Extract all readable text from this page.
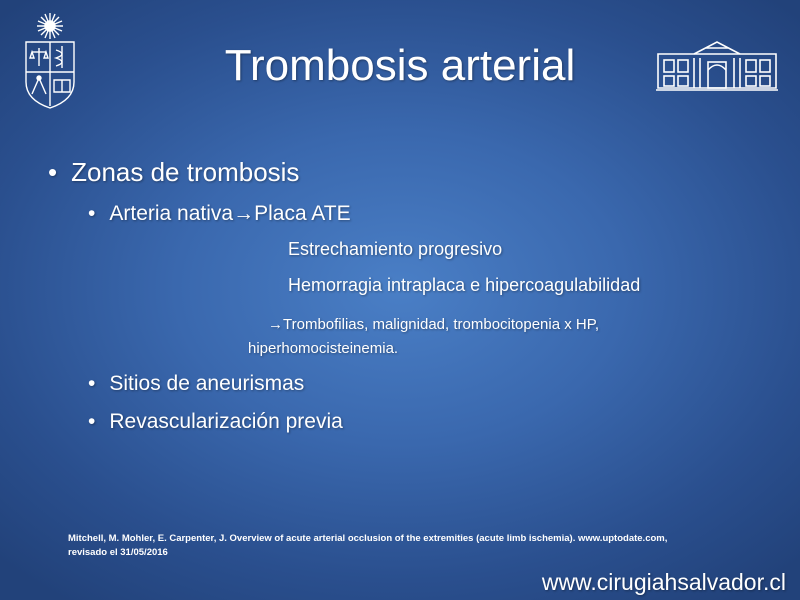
Trombosis arterial
• Zonas de trombosis
• Arteria nativa→Placa ATE
Estrechamiento progresivo
Hemorragia intraplaca e hipercoagulabilidad
→Trombofilias, malignidad, trombocitopenia x HP,
hiperhomocisteinemia.
• Sitios de aneurismas
• Revascularización previa
Mitchell, M. Mohler, E. Carpenter, J. Overview of acute arterial occlusion of the extremities (acute limb ischemia). www.uptodate.com,
revisado el 31/05/2016
www.cirugiahsalvador.cl
